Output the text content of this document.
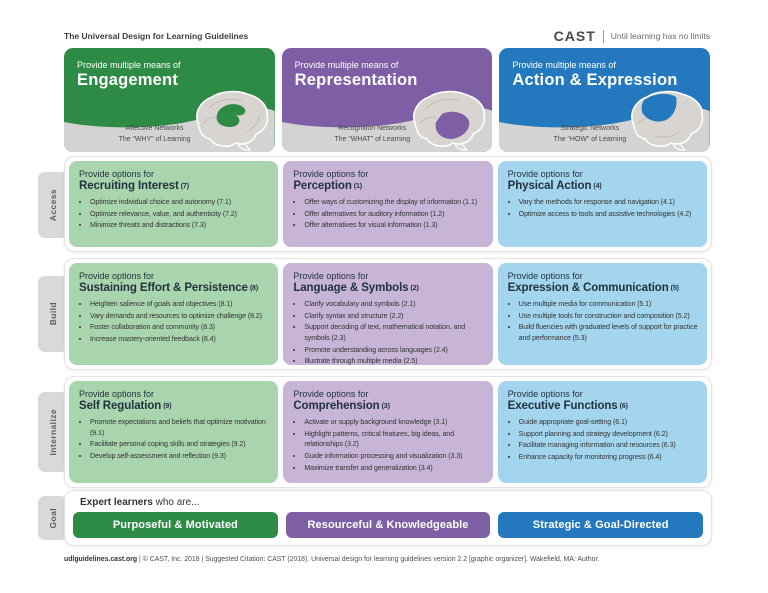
The Universal Design for Learning Guidelines	CAST Until learning has no limits
Provide multiple means of
Engagement
Affective Networks
The “WHY” of Learning
Provide multiple means of
Representation
Recognition Networks
The “WHAT” of Learning
Provide multiple means of
Action & Expression
Strategic Networks
The “HOW” of Learning
Access
Build
Internalize
Goal
Provide options for
Recruiting Interest (7)
• Optimize individual choice and autonomy (7.1)
• Optimize relevance, value, and authenticity (7.2)
• Minimize threats and distractions (7.3)
Provide options for
Perception (1)
• Offer ways of customizing the display of information (1.1)
• Offer alternatives for auditory information (1.2)
• Offer alternatives for visual information (1.3)
Provide options for
Physical Action (4)
• Vary the methods for response and navigation (4.1)
• Optimize access to tools and assistive technologies (4.2)
Provide options for
Sustaining Effort & Persistence (8)
• Heighten salience of goals and objectives (8.1)
• Vary demands and resources to optimize challenge (8.2)
• Foster collaboration and community (8.3)
• Increase mastery-oriented feedback (8.4)
Provide options for
Language & Symbols (2)
• Clarify vocabulary and symbols (2.1)
• Clarify syntax and structure (2.2)
• Support decoding of text, mathematical notation, and symbols (2.3)
• Promote understanding across languages (2.4)
• Illustrate through multiple media (2.5)
Provide options for
Expression & Communication (5)
• Use multiple media for communication (5.1)
• Use multiple tools for construction and composition (5.2)
• Build fluencies with graduated levels of support for practice and performance (5.3)
Provide options for
Self Regulation (9)
• Promote expectations and beliefs that optimize motivation (9.1)
• Facilitate personal coping skills and strategies (9.2)
• Develop self-assessment and reflection (9.3)
Provide options for
Comprehension (3)
• Activate or supply background knowledge (3.1)
• Highlight patterns, critical features, big ideas, and relationships (3.2)
• Guide information processing and visualization (3.3)
• Maximize transfer and generalization (3.4)
Provide options for
Executive Functions (6)
• Guide appropriate goal-setting (6.1)
• Support planning and strategy development (6.2)
• Facilitate managing information and resources (6.3)
• Enhance capacity for monitoring progress (6.4)
Expert learners who are...
Purposeful & Motivated	Resourceful & Knowledgeable	Strategic & Goal-Directed
udlguidelines.cast.org | © CAST, Inc. 2018 | Suggested Citation: CAST (2018). Universal design for learning guidelines version 2.2 [graphic organizer]. Wakefield, MA: Author.
